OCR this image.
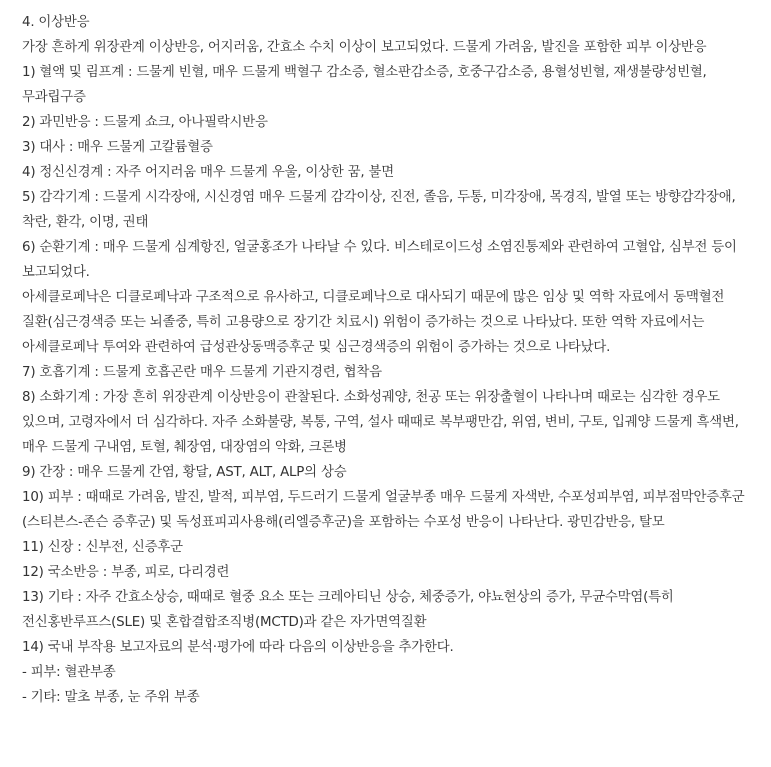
4. 이상반응

가장 흔하게 위장관계 이상반응, 어지러움, 간효소 수치 이상이 보고되었다. 드물게 가려움, 발진을 포함한 피부 이상반응

1) 혈액 및 림프계 : 드물게 빈혈, 매우 드물게 백혈구 감소증, 혈소판감소증, 호중구감소증, 용혈성빈혈, 재생불량성빈혈, 무과립구증

2) 과민반응 : 드물게 쇼크, 아나필락시반응

3) 대사 : 매우 드물게 고칼륨혈증

4) 정신신경계 : 자주 어지러움 매우 드물게 우울, 이상한 꿈, 불면

5) 감각기계 : 드물게 시각장애, 시신경염 매우 드물게 감각이상, 진전, 졸음, 두통, 미각장애, 목경직, 발열 또는 방향감각장애, 착란, 환각, 이명, 권태

6) 순환기계 : 매우 드물게 심계항진, 얼굴홍조가 나타날 수 있다. 비스테로이드성 소염진통제와 관련하여 고혈압, 심부전 등이 보고되었다.

아세클로페낙은 디클로페낙과 구조적으로 유사하고, 디클로페낙으로 대사되기 때문에 많은 임상 및 역학 자료에서 동맥혈전 질환(심근경색증 또는 뇌졸중, 특히 고용량으로 장기간 치료시) 위험이 증가하는 것으로 나타났다. 또한 역학 자료에서는 아세클로페낙 투여와 관련하여 급성관상동맥증후군 및 심근경색증의 위험이 증가하는 것으로 나타났다.

7) 호흡기계 : 드물게 호흡곤란 매우 드물게 기관지경련, 협착음

8) 소화기계 : 가장 흔히 위장관계 이상반응이 관찰된다. 소화성궤양, 천공 또는 위장출혈이 나타나며 때로는 심각한 경우도 있으며, 고령자에서 더 심각하다. 자주 소화불량, 복통, 구역, 설사 때때로 복부팽만감, 위염, 변비, 구토, 입궤양 드물게 흑색변, 매우 드물게 구내염, 토혈, 췌장염, 대장염의 악화, 크론병

9) 간장 : 매우 드물게 간염, 황달, AST, ALT, ALP의 상승

10) 피부 : 때때로 가려움, 발진, 발적, 피부염, 두드러기 드물게 얼굴부종 매우 드물게 자색반, 수포성피부염, 피부점막안증후군(스티븐스-존슨 증후군) 및 독성표피괴사용해(리엘증후군)을 포함하는 수포성 반응이 나타난다. 광민감반응, 탈모

11) 신장 : 신부전, 신증후군

12) 국소반응 : 부종, 피로, 다리경련

13) 기타 : 자주 간효소상승, 때때로 혈중 요소 또는 크레아티닌 상승, 체중증가, 야뇨현상의 증가, 무균수막염(특히 전신홍반루프스(SLE) 및 혼합결합조직병(MCTD)과 같은 자가면역질환

14) 국내 부작용 보고자료의 분석·평가에 따라 다음의 이상반응을 추가한다.

- 피부: 혈관부종

- 기타: 말초 부종, 눈 주위 부종
